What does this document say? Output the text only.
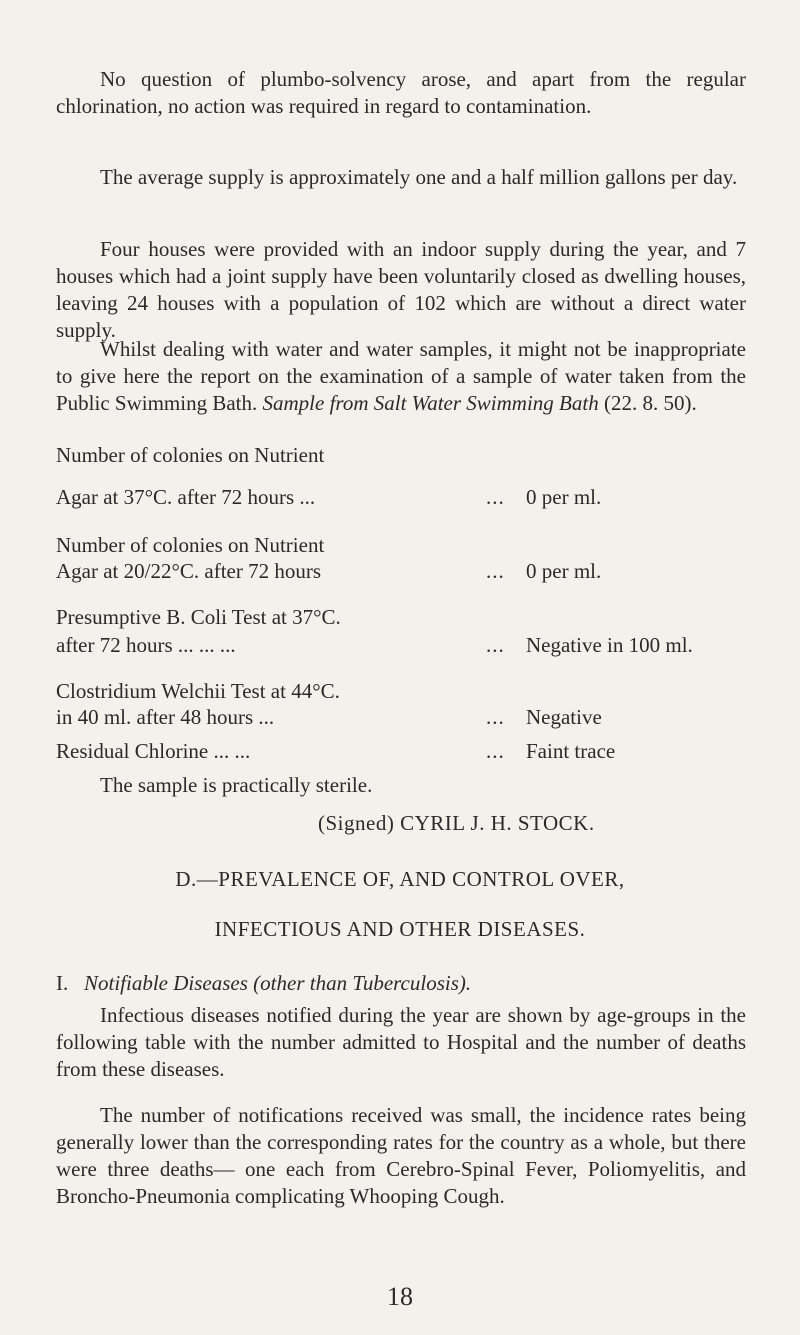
No question of plumbo-solvency arose, and apart from the regular chlorination, no action was required in regard to contamination.

The average supply is approximately one and a half million gallons per day.

Four houses were provided with an indoor supply during the year, and 7 houses which had a joint supply have been voluntarily closed as dwelling houses, leaving 24 houses with a population of 102 which are without a direct water supply.

Whilst dealing with water and water samples, it might not be inappropriate to give here the report on the examination of a sample of water taken from the Public Swimming Bath. Sample from Salt Water Swimming Bath (22. 8. 50).

Number of colonies on Nutrient
Agar at 37°C. after 72 hours ...	... 0 per ml.
Number of colonies on Nutrient
Agar at 20/22°C. after 72 hours	... 0 per ml.
Presumptive B. Coli Test at 37°C.
after 72 hours ... ... ...	... Negative in 100 ml.
Clostridium Welchii Test at 44°C.
in 40 ml. after 48 hours ...	... Negative
Residual Chlorine ... ...	... Faint trace

The sample is practically sterile.

(Signed) CYRIL J. H. STOCK.

D.—PREVALENCE OF, AND CONTROL OVER,

INFECTIOUS AND OTHER DISEASES.

I. Notifiable Diseases (other than Tuberculosis).

Infectious diseases notified during the year are shown by age-groups in the following table with the number admitted to Hospital and the number of deaths from these diseases.

The number of notifications received was small, the incidence rates being generally lower than the corresponding rates for the country as a whole, but there were three deaths— one each from Cerebro-Spinal Fever, Poliomyelitis, and Broncho-Pneumonia complicating Whooping Cough.

18
